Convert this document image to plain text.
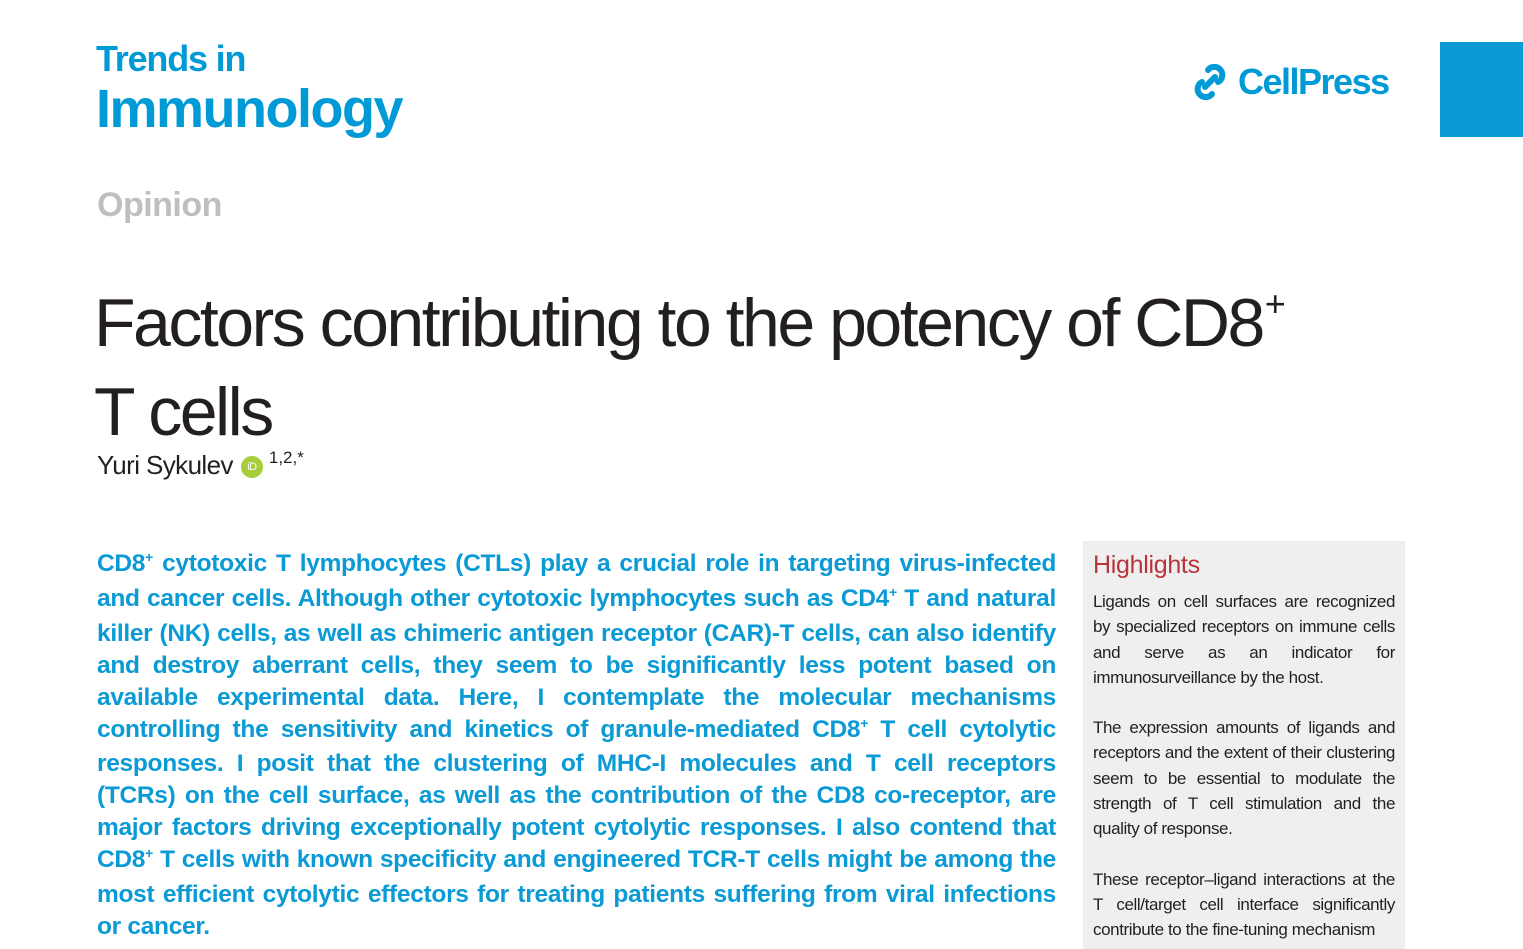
Trends in
Immunology	CellPress
Opinion
Factors contributing to the potency of CD8+
T cells
Yuri Sykulev	iD 1,2,*
CD8+ cytotoxic T lymphocytes (CTLs) play a crucial role in targeting virus-infected and cancer cells. Although other cytotoxic lymphocytes such as CD4+ T and natural killer (NK) cells, as well as chimeric antigen receptor (CAR)-T cells, can also identify and destroy aberrant cells, they seem to be significantly less potent based on available experimental data. Here, I contemplate the molecular mechanisms controlling the sensitivity and kinetics of granule-mediated CD8+ T cell cytolytic responses. I posit that the clustering of MHC-I molecules and T cell receptors (TCRs) on the cell surface, as well as the contribution of the CD8 co-receptor, are major factors driving exceptionally potent cytolytic responses. I also contend that CD8+ T cells with known specificity and engineered TCR-T cells might be among the most efficient cytolytic effectors for treating patients suffering from viral infections or cancer.
Highlights

Ligands on cell surfaces are recognized by specialized receptors on immune cells and serve as an indicator for immunosurveillance by the host.

The expression amounts of ligands and receptors and the extent of their clustering seem to be essential to modulate the strength of T cell stimulation and the quality of response.

These receptor–ligand interactions at the T cell/target cell interface significantly contribute to the fine-tuning mechanism
